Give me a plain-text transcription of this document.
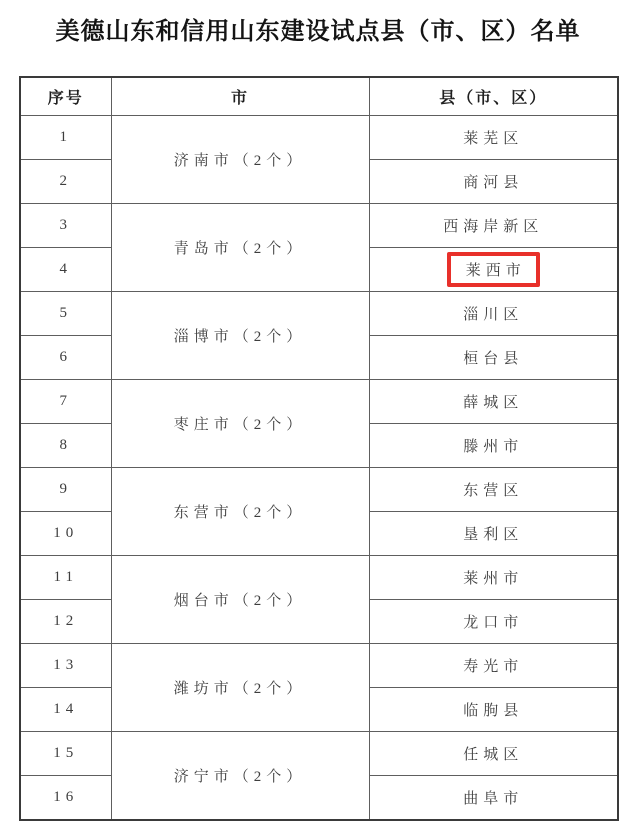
美德山东和信用山东建设试点县（市、区）名单
序号	市	县（市、区）
1	济南市（2个）	莱芜区
2		商河县
3	青岛市（2个）	西海岸新区
4		莱西市
5	淄博市（2个）	淄川区
6		桓台县
7	枣庄市（2个）	薛城区
8		滕州市
9	东营市（2个）	东营区
10		垦利区
11	烟台市（2个）	莱州市
12		龙口市
13	潍坊市（2个）	寿光市
14		临朐县
15	济宁市（2个）	任城区
16		曲阜市
